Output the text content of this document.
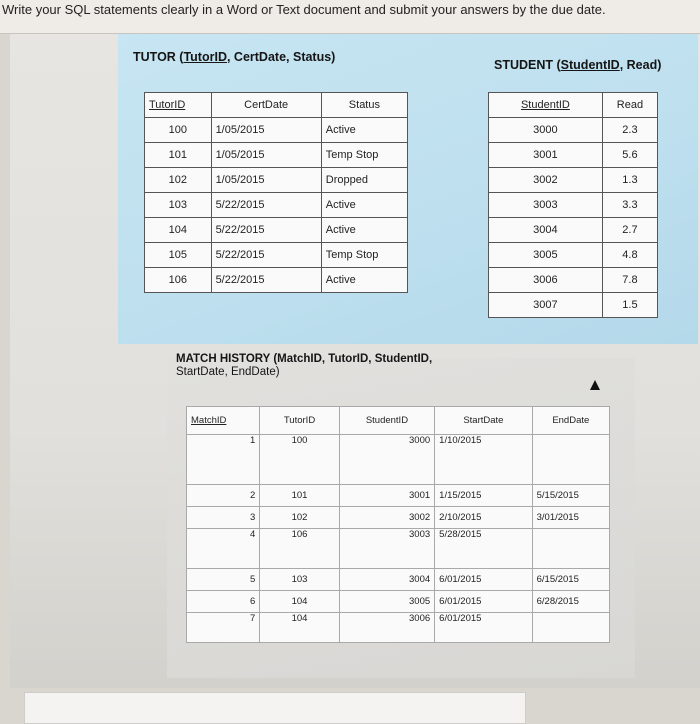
Write your SQL statements clearly in a Word or Text document and submit your answers by the due date.
TUTOR (TutorID, CertDate, Status)
STUDENT (StudentID, Read)
TutorID	CertDate	Status
100	1/05/2015	Active
101	1/05/2015	Temp Stop
102	1/05/2015	Dropped
103	5/22/2015	Active
104	5/22/2015	Active
105	5/22/2015	Temp Stop
106	5/22/2015	Active
StudentID	Read
3000	2.3
3001	5.6
3002	1.3
3003	3.3
3004	2.7
3005	4.8
3006	7.8
3007	1.5
MATCH HISTORY (MatchID, TutorID, StudentID,
StartDate, EndDate)
MatchID	TutorID	StudentID	StartDate	EndDate
1	100	3000	1/10/2015	
2	101	3001	1/15/2015	5/15/2015
3	102	3002	2/10/2015	3/01/2015
4	106	3003	5/28/2015	
5	103	3004	6/01/2015	6/15/2015
6	104	3005	6/01/2015	6/28/2015
7	104	3006	6/01/2015	
